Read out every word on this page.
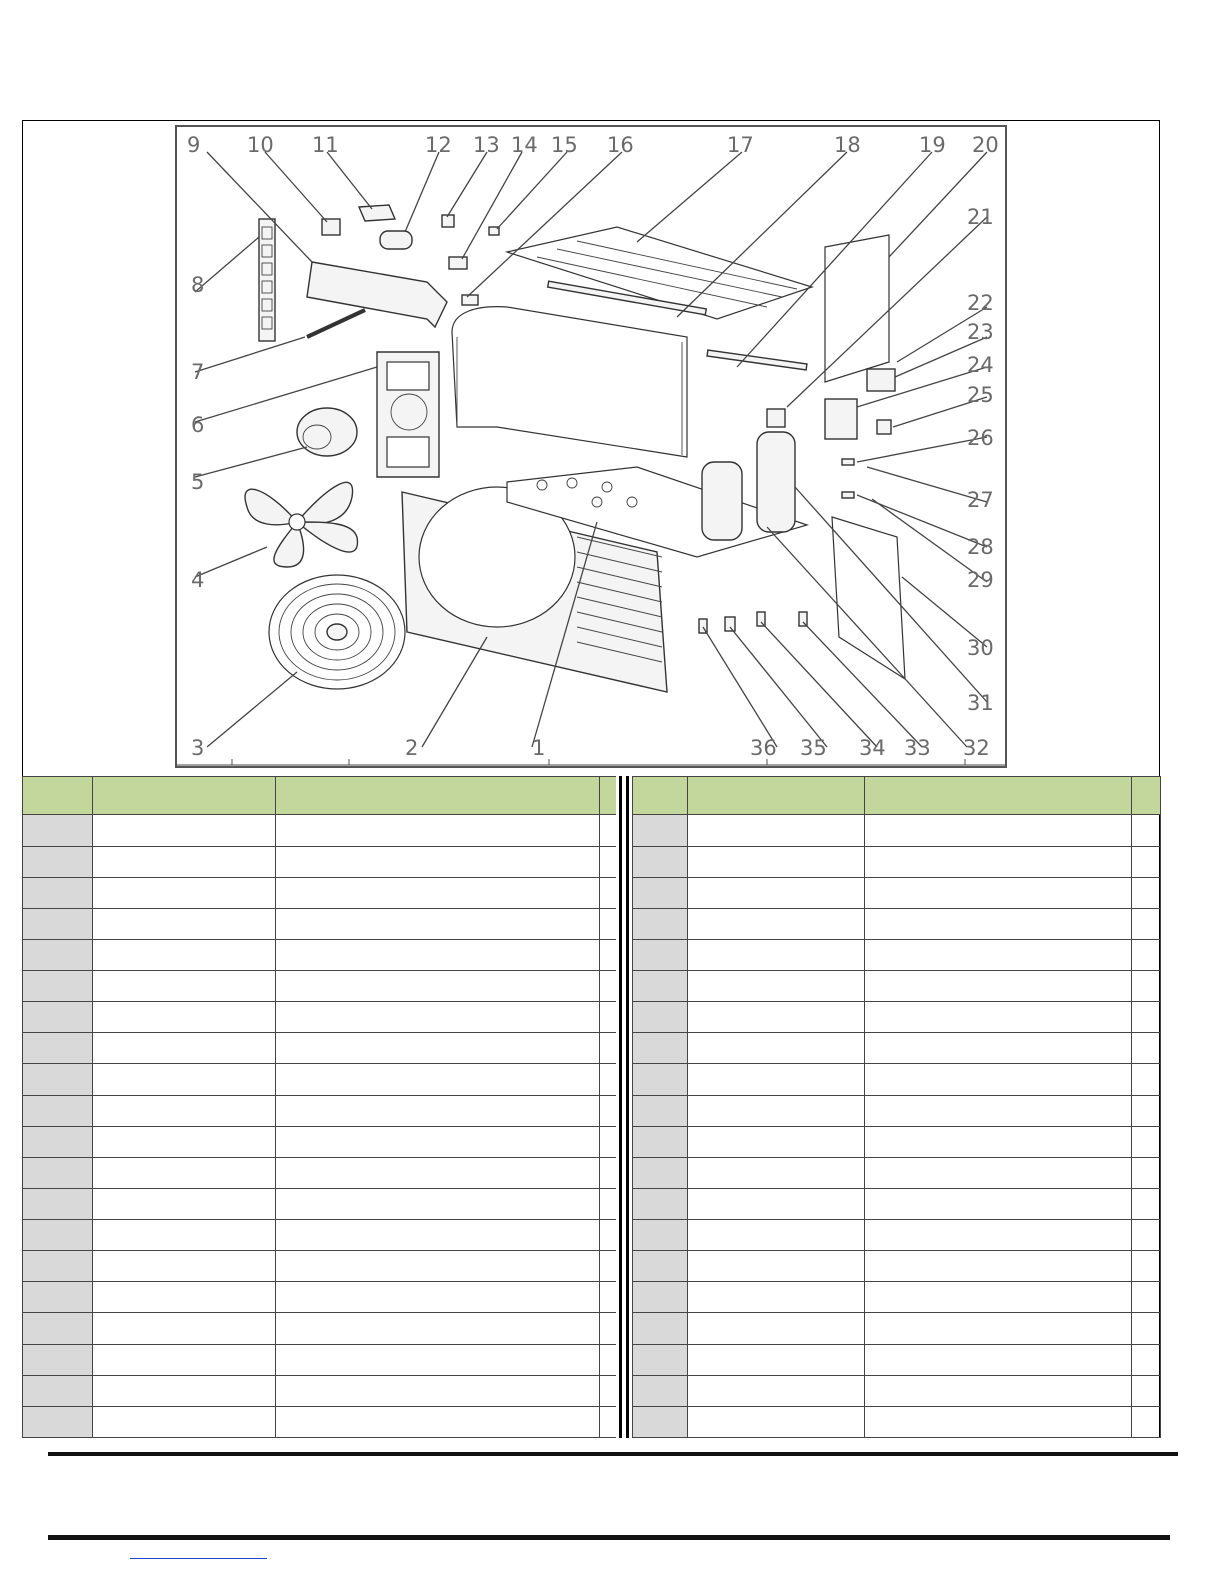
1
2
3
4
5
6
7
8
9 10 11	12 13 14 15 16	17	18	19 20
21
22
23
24
25
26
27
28
29
30
31
32
33
34
35
36
